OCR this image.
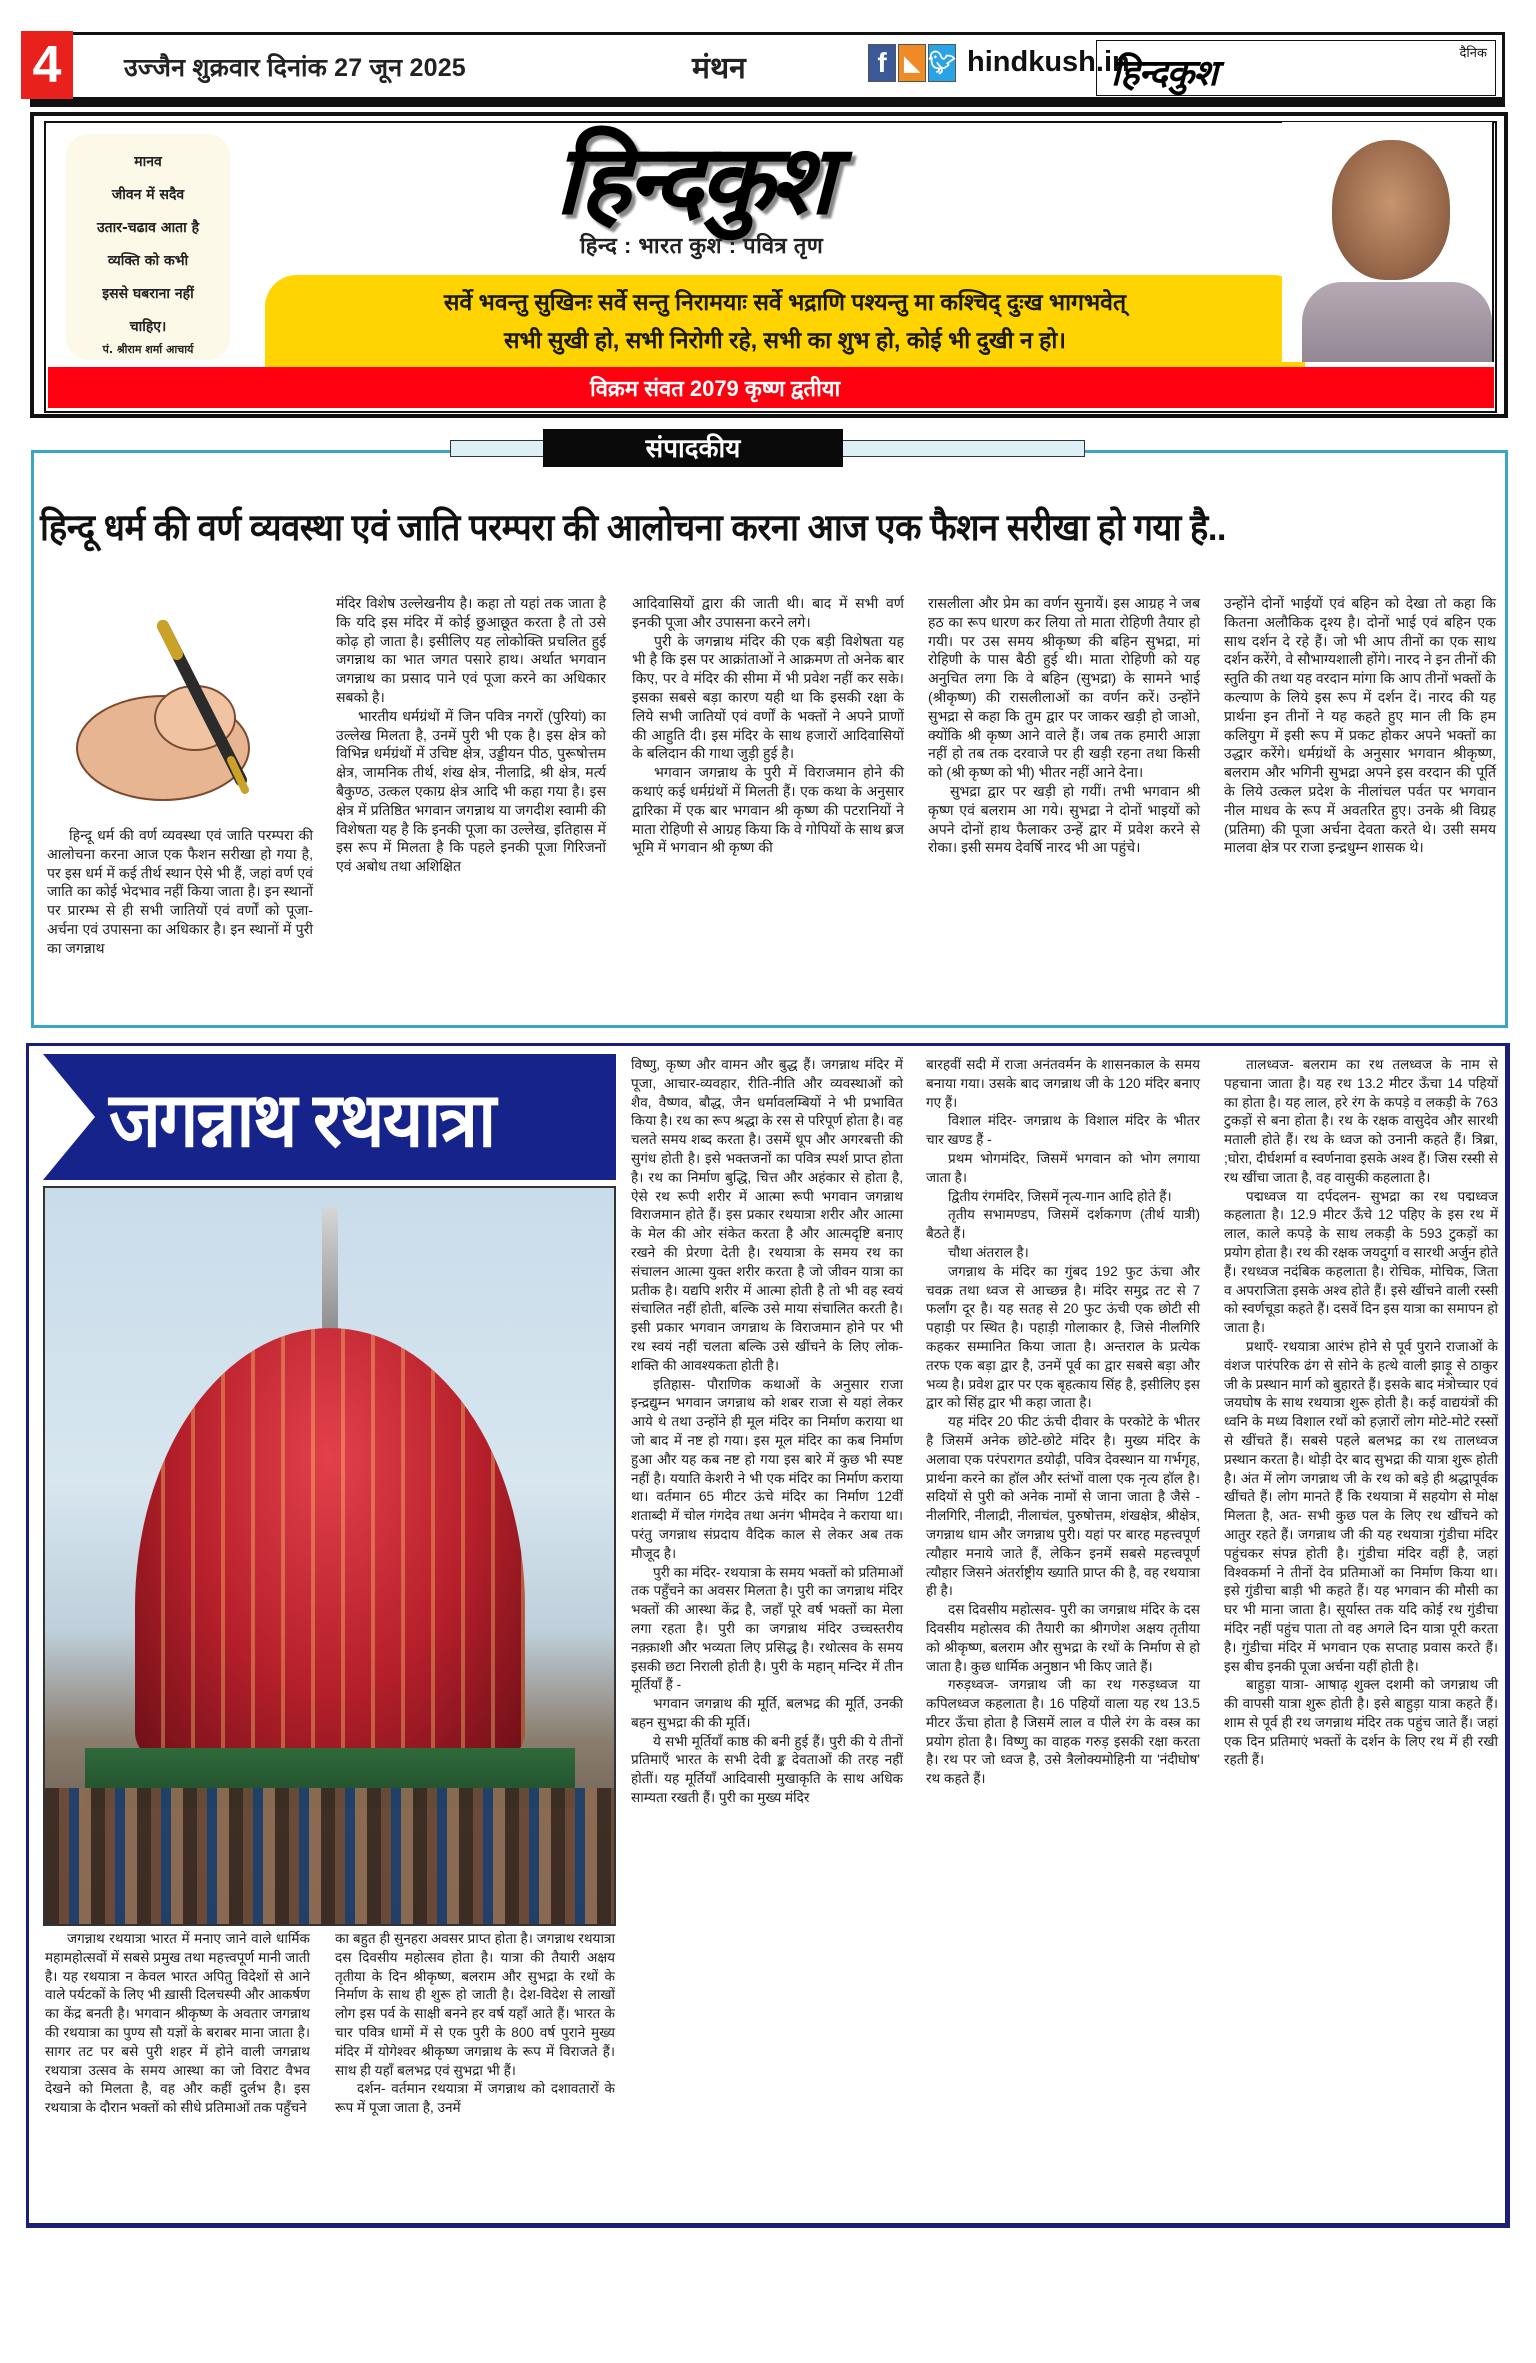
4	उज्जैन शुक्रवार दिनांक 27 जून 2025	मंथन	f ◣ 🐦︎ hindkush.in	दैनिक
हिन्दकुश
मानव
जीवन में सदैव
उतार-चढाव आता है
व्यक्ति को कभी
इससे घबराना नहीं
चाहिए।
पं. श्रीराम शर्मा आचार्य
हिन्दकुश
हिन्द : भारत कुश : पवित्र तृण
सर्वे भवन्तु सुखिनः सर्वे सन्तु निरामयाः सर्वे भद्राणि पश्यन्तु मा कश्चिद् दुःख भागभवेत्
सभी सुखी हो, सभी निरोगी रहे, सभी का शुभ हो, कोई भी दुखी न हो।
विक्रम संवत 2079 कृष्ण द्वतीया
संपादकीय
हिन्दू धर्म की वर्ण व्यवस्था एवं जाति परम्परा की आलोचना करना आज एक फैशन सरीखा हो गया है..

हिन्दू धर्म की वर्ण व्यवस्था एवं जाति परम्परा की आलोचना करना आज एक फैशन सरीखा हो गया है, पर इस धर्म में कई तीर्थ स्थान ऐसे भी हैं, जहां वर्ण एवं जाति का कोई भेदभाव नहीं किया जाता है। इन स्थानों पर प्रारम्भ से ही सभी जातियों एवं वर्णों को पूजा-अर्चना एवं उपासना का अधिकार है। इन स्थानों में पुरी का जगन्नाथ

मंदिर विशेष उल्लेखनीय है। कहा तो यहां तक जाता है कि यदि इस मंदिर में कोई छुआछूत करता है तो उसे कोढ़ हो जाता है। इसीलिए यह लोकोक्ति प्रचलित हुई जगन्नाथ का भात जगत पसारे हाथ। अर्थात भगवान जगन्नाथ का प्रसाद पाने एवं पूजा करने का अधिकार सबको है।

भारतीय धर्मग्रंथों में जिन पवित्र नगरों (पुरियां) का उल्लेख मिलता है, उनमें पुरी भी एक है। इस क्षेत्र को विभिन्न धर्मग्रंथों में उचिष्ट क्षेत्र, उड्डीयन पीठ, पुरूषोत्तम क्षेत्र, जामनिक तीर्थ, शंख क्षेत्र, नीलाद्रि, श्री क्षेत्र, मर्त्य बैकुण्ठ, उत्कल एकाग्र क्षेत्र आदि भी कहा गया है। इस क्षेत्र में प्रतिष्ठित भगवान जगन्नाथ या जगदीश स्वामी की विशेषता यह है कि इनकी पूजा का उल्लेख, इतिहास में इस रूप में मिलता है कि पहले इनकी पूजा गिरिजनों एवं अबोध तथा अशिक्षित

आदिवासियों द्वारा की जाती थी। बाद में सभी वर्ण इनकी पूजा और उपासना करने लगे।

पुरी के जगन्नाथ मंदिर की एक बड़ी विशेषता यह भी है कि इस पर आक्रांताओं ने आक्रमण तो अनेक बार किए, पर वे मंदिर की सीमा में भी प्रवेश नहीं कर सके। इसका सबसे बड़ा कारण यही था कि इसकी रक्षा के लिये सभी जातियों एवं वर्णों के भक्तों ने अपने प्राणों की आहुति दी। इस मंदिर के साथ हजारों आदिवासियों के बलिदान की गाथा जुड़ी हुई है।

भगवान जगन्नाथ के पुरी में विराजमान होने की कथाएं कई धर्मग्रंथों में मिलती हैं। एक कथा के अनुसार द्वारिका में एक बार भगवान श्री कृष्ण की पटरानियों ने माता रोहिणी से आग्रह किया कि वे गोपियों के साथ ब्रज भूमि में भगवान श्री कृष्ण की

रासलीला और प्रेम का वर्णन सुनायें। इस आग्रह ने जब हठ का रूप धारण कर लिया तो माता रोहिणी तैयार हो गयी। पर उस समय श्रीकृष्ण की बहिन सुभद्रा, मां रोहिणी के पास बैठी हुई थी। माता रोहिणी को यह अनुचित लगा कि वे बहिन (सुभद्रा) के सामने भाई (श्रीकृष्ण) की रासलीलाओं का वर्णन करें। उन्होंने सुभद्रा से कहा कि तुम द्वार पर जाकर खड़ी हो जाओ, क्योंकि श्री कृष्ण आने वाले हैं। जब तक हमारी आज्ञा नहीं हो तब तक दरवाजे पर ही खड़ी रहना तथा किसी को (श्री कृष्ण को भी) भीतर नहीं आने देना।

सुभद्रा द्वार पर खड़ी हो गयीं। तभी भगवान श्री कृष्ण एवं बलराम आ गये। सुभद्रा ने दोनों भाइयों को अपने दोनों हाथ फैलाकर उन्हें द्वार में प्रवेश करने से रोका। इसी समय देवर्षि नारद भी आ पहुंचे।

उन्होंने दोनों भाईयों एवं बहिन को देखा तो कहा कि कितना अलौकिक दृश्य है। दोनों भाई एवं बहिन एक साथ दर्शन दे रहे हैं। जो भी आप तीनों का एक साथ दर्शन करेंगे, वे सौभाग्यशाली होंगे। नारद ने इन तीनों की स्तुति की तथा यह वरदान मांगा कि आप तीनों भक्तों के कल्याण के लिये इस रूप में दर्शन दें। नारद की यह प्रार्थना इन तीनों ने यह कहते हुए मान ली कि हम कलियुग में इसी रूप में प्रकट होकर अपने भक्तों का उद्धार करेंगे। धर्मग्रंथों के अनुसार भगवान श्रीकृष्ण, बलराम और भगिनी सुभद्रा अपने इस वरदान की पूर्ति के लिये उत्कल प्रदेश के नीलांचल पर्वत पर भगवान नील माधव के रूप में अवतरित हुए। उनके श्री विग्रह (प्रतिमा) की पूजा अर्चना देवता करते थे। उसी समय मालवा क्षेत्र पर राजा इन्द्रधुम्न शासक थे।

जगन्नाथ रथयात्रा

जगन्नाथ रथयात्रा भारत में मनाए जाने वाले धार्मिक महामहोत्सवों में सबसे प्रमुख तथा महत्त्वपूर्ण मानी जाती है। यह रथयात्रा न केवल भारत अपितु विदेशों से आने वाले पर्यटकों के लिए भी ख़ासी दिलचस्पी और आकर्षण का केंद्र बनती है। भगवान श्रीकृष्ण के अवतार जगन्नाथ की रथयात्रा का पुण्य सौ यज्ञों के बराबर माना जाता है। सागर तट पर बसे पुरी शहर में होने वाली जगन्नाथ रथयात्रा उत्सव के समय आस्था का जो विराट वैभव देखने को मिलता है, वह और कहीं दुर्लभ है। इस रथयात्रा के दौरान भक्तों को सीधे प्रतिमाओं तक पहुँचने

का बहुत ही सुनहरा अवसर प्राप्त होता है। जगन्नाथ रथयात्रा दस दिवसीय महोत्सव होता है। यात्रा की तैयारी अक्षय तृतीया के दिन श्रीकृष्ण, बलराम और सुभद्रा के रथों के निर्माण के साथ ही शुरू हो जाती है। देश-विदेश से लाखों लोग इस पर्व के साक्षी बनने हर वर्ष यहाँ आते हैं। भारत के चार पवित्र धामों में से एक पुरी के 800 वर्ष पुराने मुख्य मंदिर में योगेश्वर श्रीकृष्ण जगन्नाथ के रूप में विराजते हैं। साथ ही यहाँ बलभद्र एवं सुभद्रा भी हैं।

दर्शन- वर्तमान रथयात्रा में जगन्नाथ को दशावतारों के रूप में पूजा जाता है, उनमें

विष्णु, कृष्ण और वामन और बुद्ध हैं। जगन्नाथ मंदिर में पूजा, आचार-व्यवहार, रीति-नीति और व्यवस्थाओं को शैव, वैष्णव, बौद्ध, जैन धर्मावलम्बियों ने भी प्रभावित किया है। रथ का रूप श्रद्धा के रस से परिपूर्ण होता है। वह चलते समय शब्द करता है। उसमें धूप और अगरबत्ती की सुगंध होती है। इसे भक्तजनों का पवित्र स्पर्श प्राप्त होता है। रथ का निर्माण बुद्धि, चित्त और अहंकार से होता है, ऐसे रथ रूपी शरीर में आत्मा रूपी भगवान जगन्नाथ विराजमान होते हैं। इस प्रकार रथयात्रा शरीर और आत्मा के मेल की ओर संकेत करता है और आत्मदृष्टि बनाए रखने की प्रेरणा देती है। रथयात्रा के समय रथ का संचालन आत्मा युक्त शरीर करता है जो जीवन यात्रा का प्रतीक है। यद्यपि शरीर में आत्मा होती है तो भी वह स्वयं संचालित नहीं होती, बल्कि उसे माया संचालित करती है। इसी प्रकार भगवान जगन्नाथ के विराजमान होने पर भी रथ स्वयं नहीं चलता बल्कि उसे खींचने के लिए लोक-शक्ति की आवश्यकता होती है।

इतिहास- पौराणिक कथाओं के अनुसार राजा इन्द्रद्युम्न भगवान जगन्नाथ को शबर राजा से यहां लेकर आये थे तथा उन्होंने ही मूल मंदिर का निर्माण कराया था जो बाद में नष्ट हो गया। इस मूल मंदिर का कब निर्माण हुआ और यह कब नष्ट हो गया इस बारे में कुछ भी स्पष्ट नहीं है। ययाति केशरी ने भी एक मंदिर का निर्माण कराया था। वर्तमान 65 मीटर ऊंचे मंदिर का निर्माण 12वीं शताब्दी में चोल गंगदेव तथा अनंग भीमदेव ने कराया था। परंतु जगन्नाथ संप्रदाय वैदिक काल से लेकर अब तक मौजूद है।

पुरी का मंदिर- रथयात्रा के समय भक्तों को प्रतिमाओं तक पहुँचने का अवसर मिलता है। पुरी का जगन्नाथ मंदिर भक्तों की आस्था केंद्र है, जहाँ पूरे वर्ष भक्तों का मेला लगा रहता है। पुरी का जगन्नाथ मंदिर उच्चस्तरीय नक़्क़ाशी और भव्यता लिए प्रसिद्ध है। रथोत्सव के समय इसकी छटा निराली होती है। पुरी के महान् मन्दिर में तीन मूर्तियाँ हैं -

भगवान जगन्नाथ की मूर्ति, बलभद्र की मूर्ति, उनकी बहन सुभद्रा की की मूर्ति।

ये सभी मूर्तियाँ काष्ठ की बनी हुई हैं। पुरी की ये तीनों प्रतिमाएँ भारत के सभी देवी ङ्क देवताओं की तरह नहीं होतीं। यह मूर्तियाँ आदिवासी मुखाकृति के साथ अधिक साम्यता रखती हैं। पुरी का मुख्य मंदिर

बारहवीं सदी में राजा अनंतवर्मन के शासनकाल के समय बनाया गया। उसके बाद जगन्नाथ जी के 120 मंदिर बनाए गए हैं।

विशाल मंदिर- जगन्नाथ के विशाल मंदिर के भीतर चार खण्ड हैं -

प्रथम भोगमंदिर, जिसमें भगवान को भोग लगाया जाता है।

द्वितीय रंगमंदिर, जिसमें नृत्य-गान आदि होते हैं।

तृतीय सभामण्डप, जिसमें दर्शकगण (तीर्थ यात्री) बैठते हैं।

चौथा अंतराल है।

जगन्नाथ के मंदिर का गुंबद 192 फुट ऊंचा और चवक्र तथा ध्वज से आच्छन्न है। मंदिर समुद्र तट से 7 फर्लांग दूर है। यह सतह से 20 फुट ऊंची एक छोटी सी पहाड़ी पर स्थित है। पहाड़ी गोलाकार है, जिसे नीलगिरि कहकर सम्मानित किया जाता है। अन्तराल के प्रत्येक तरफ एक बड़ा द्वार है, उनमें पूर्व का द्वार सबसे बड़ा और भव्य है। प्रवेश द्वार पर एक बृहत्काय सिंह है, इसीलिए इस द्वार को सिंह द्वार भी कहा जाता है।

यह मंदिर 20 फीट ऊंची दीवार के परकोटे के भीतर है जिसमें अनेक छोटे-छोटे मंदिर है। मुख्य मंदिर के अलावा एक परंपरागत डयोढ़ी, पवित्र देवस्थान या गर्भगृह, प्रार्थना करने का हॉल और स्तंभों वाला एक नृत्य हॉल है। सदियों से पुरी को अनेक नामों से जाना जाता है जैसे - नीलगिरि, नीलाद्री, नीलाचंल, पुरुषोत्तम, शंखक्षेत्र, श्रीक्षेत्र, जगन्नाथ धाम और जगन्नाथ पुरी। यहां पर बारह महत्त्वपूर्ण त्यौहार मनाये जाते हैं, लेकिन इनमें सबसे महत्त्वपूर्ण त्यौहार जिसने अंतर्राष्ट्रीय ख्याति प्राप्त की है, वह रथयात्रा ही है।

दस दिवसीय महोत्सव- पुरी का जगन्नाथ मंदिर के दस दिवसीय महोत्सव की तैयारी का श्रीगणेश अक्षय तृतीया को श्रीकृष्ण, बलराम और सुभद्रा के रथों के निर्माण से हो जाता है। कुछ धार्मिक अनुष्ठान भी किए जाते हैं।

गरुड़ध्वज- जगन्नाथ जी का रथ गरुड़ध्वज या कपिलध्वज कहलाता है। 16 पहियों वाला यह रथ 13.5 मीटर ऊँचा होता है जिसमें लाल व पीले रंग के वस्त्र का प्रयोग होता है। विष्णु का वाहक गरुड़ इसकी रक्षा करता है। रथ पर जो ध्वज है, उसे त्रैलोक्यमोहिनी या 'नंदीघोष' रथ कहते हैं।

तालध्वज- बलराम का रथ तलध्वज के नाम से पहचाना जाता है। यह रथ 13.2 मीटर ऊँचा 14 पहियों का होता है। यह लाल, हरे रंग के कपड़े व लकड़ी के 763 टुकड़ों से बना होता है। रथ के रक्षक वासुदेव और सारथी मताली होते हैं। रथ के ध्वज को उनानी कहते हैं। त्रिब्रा, ;घोरा, दीर्घशर्मा व स्वर्णनावा इसके अश्व हैं। जिस रस्सी से रथ खींचा जाता है, वह वासुकी कहलाता है।

पद्मध्वज या दर्पदलन- सुभद्रा का रथ पद्मध्वज कहलाता है। 12.9 मीटर ऊँचे 12 पहिए के इस रथ में लाल, काले कपड़े के साथ लकड़ी के 593 टुकड़ों का प्रयोग होता है। रथ की रक्षक जयदुर्गा व सारथी अर्जुन होते हैं। रथध्वज नदंबिक कहलाता है। रोचिक, मोचिक, जिता व अपराजिता इसके अश्व होते हैं। इसे खींचने वाली रस्सी को स्वर्णचूडा कहते हैं। दसवें दिन इस यात्रा का समापन हो जाता है।

प्रथाएँ- रथयात्रा आरंभ होने से पूर्व पुराने राजाओं के वंशज पारंपरिक ढंग से सोने के हत्थे वाली झाड़ू से ठाकुर जी के प्रस्थान मार्ग को बुहारते हैं। इसके बाद मंत्रोच्चार एवं जयघोष के साथ रथयात्रा शुरू होती है। कई वाद्ययंत्रों की ध्वनि के मध्य विशाल रथों को हज़ारों लोग मोटे-मोटे रस्सों से खींचते हैं। सबसे पहले बलभद्र का रथ तालध्वज प्रस्थान करता है। थोड़ी देर बाद सुभद्रा की यात्रा शुरू होती है। अंत में लोग जगन्नाथ जी के रथ को बड़े ही श्रद्धापूर्वक खींचते हैं। लोग मानते हैं कि रथयात्रा में सहयोग से मोक्ष मिलता है, अत- सभी कुछ पल के लिए रथ खींचने को आतुर रहते हैं। जगन्नाथ जी की यह रथयात्रा गुंडीचा मंदिर पहुंचकर संपन्न होती है। गुंडीचा मंदिर वहीं है, जहां विश्वकर्मा ने तीनों देव प्रतिमाओं का निर्माण किया था। इसे गुंडीचा बाड़ी भी कहते हैं। यह भगवान की मौसी का घर भी माना जाता है। सूर्यास्त तक यदि कोई रथ गुंडीचा मंदिर नहीं पहुंच पाता तो वह अगले दिन यात्रा पूरी करता है। गुंडीचा मंदिर में भगवान एक सप्ताह प्रवास करते हैं। इस बीच इनकी पूजा अर्चना यहीं होती है।

बाहुड़ा यात्रा- आषाढ़ शुक्ल दशमी को जगन्नाथ जी की वापसी यात्रा शुरू होती है। इसे बाहुड़ा यात्रा कहते हैं। शाम से पूर्व ही रथ जगन्नाथ मंदिर तक पहुंच जाते हैं। जहां एक दिन प्रतिमाएं भक्तों के दर्शन के लिए रथ में ही रखी रहती हैं।
